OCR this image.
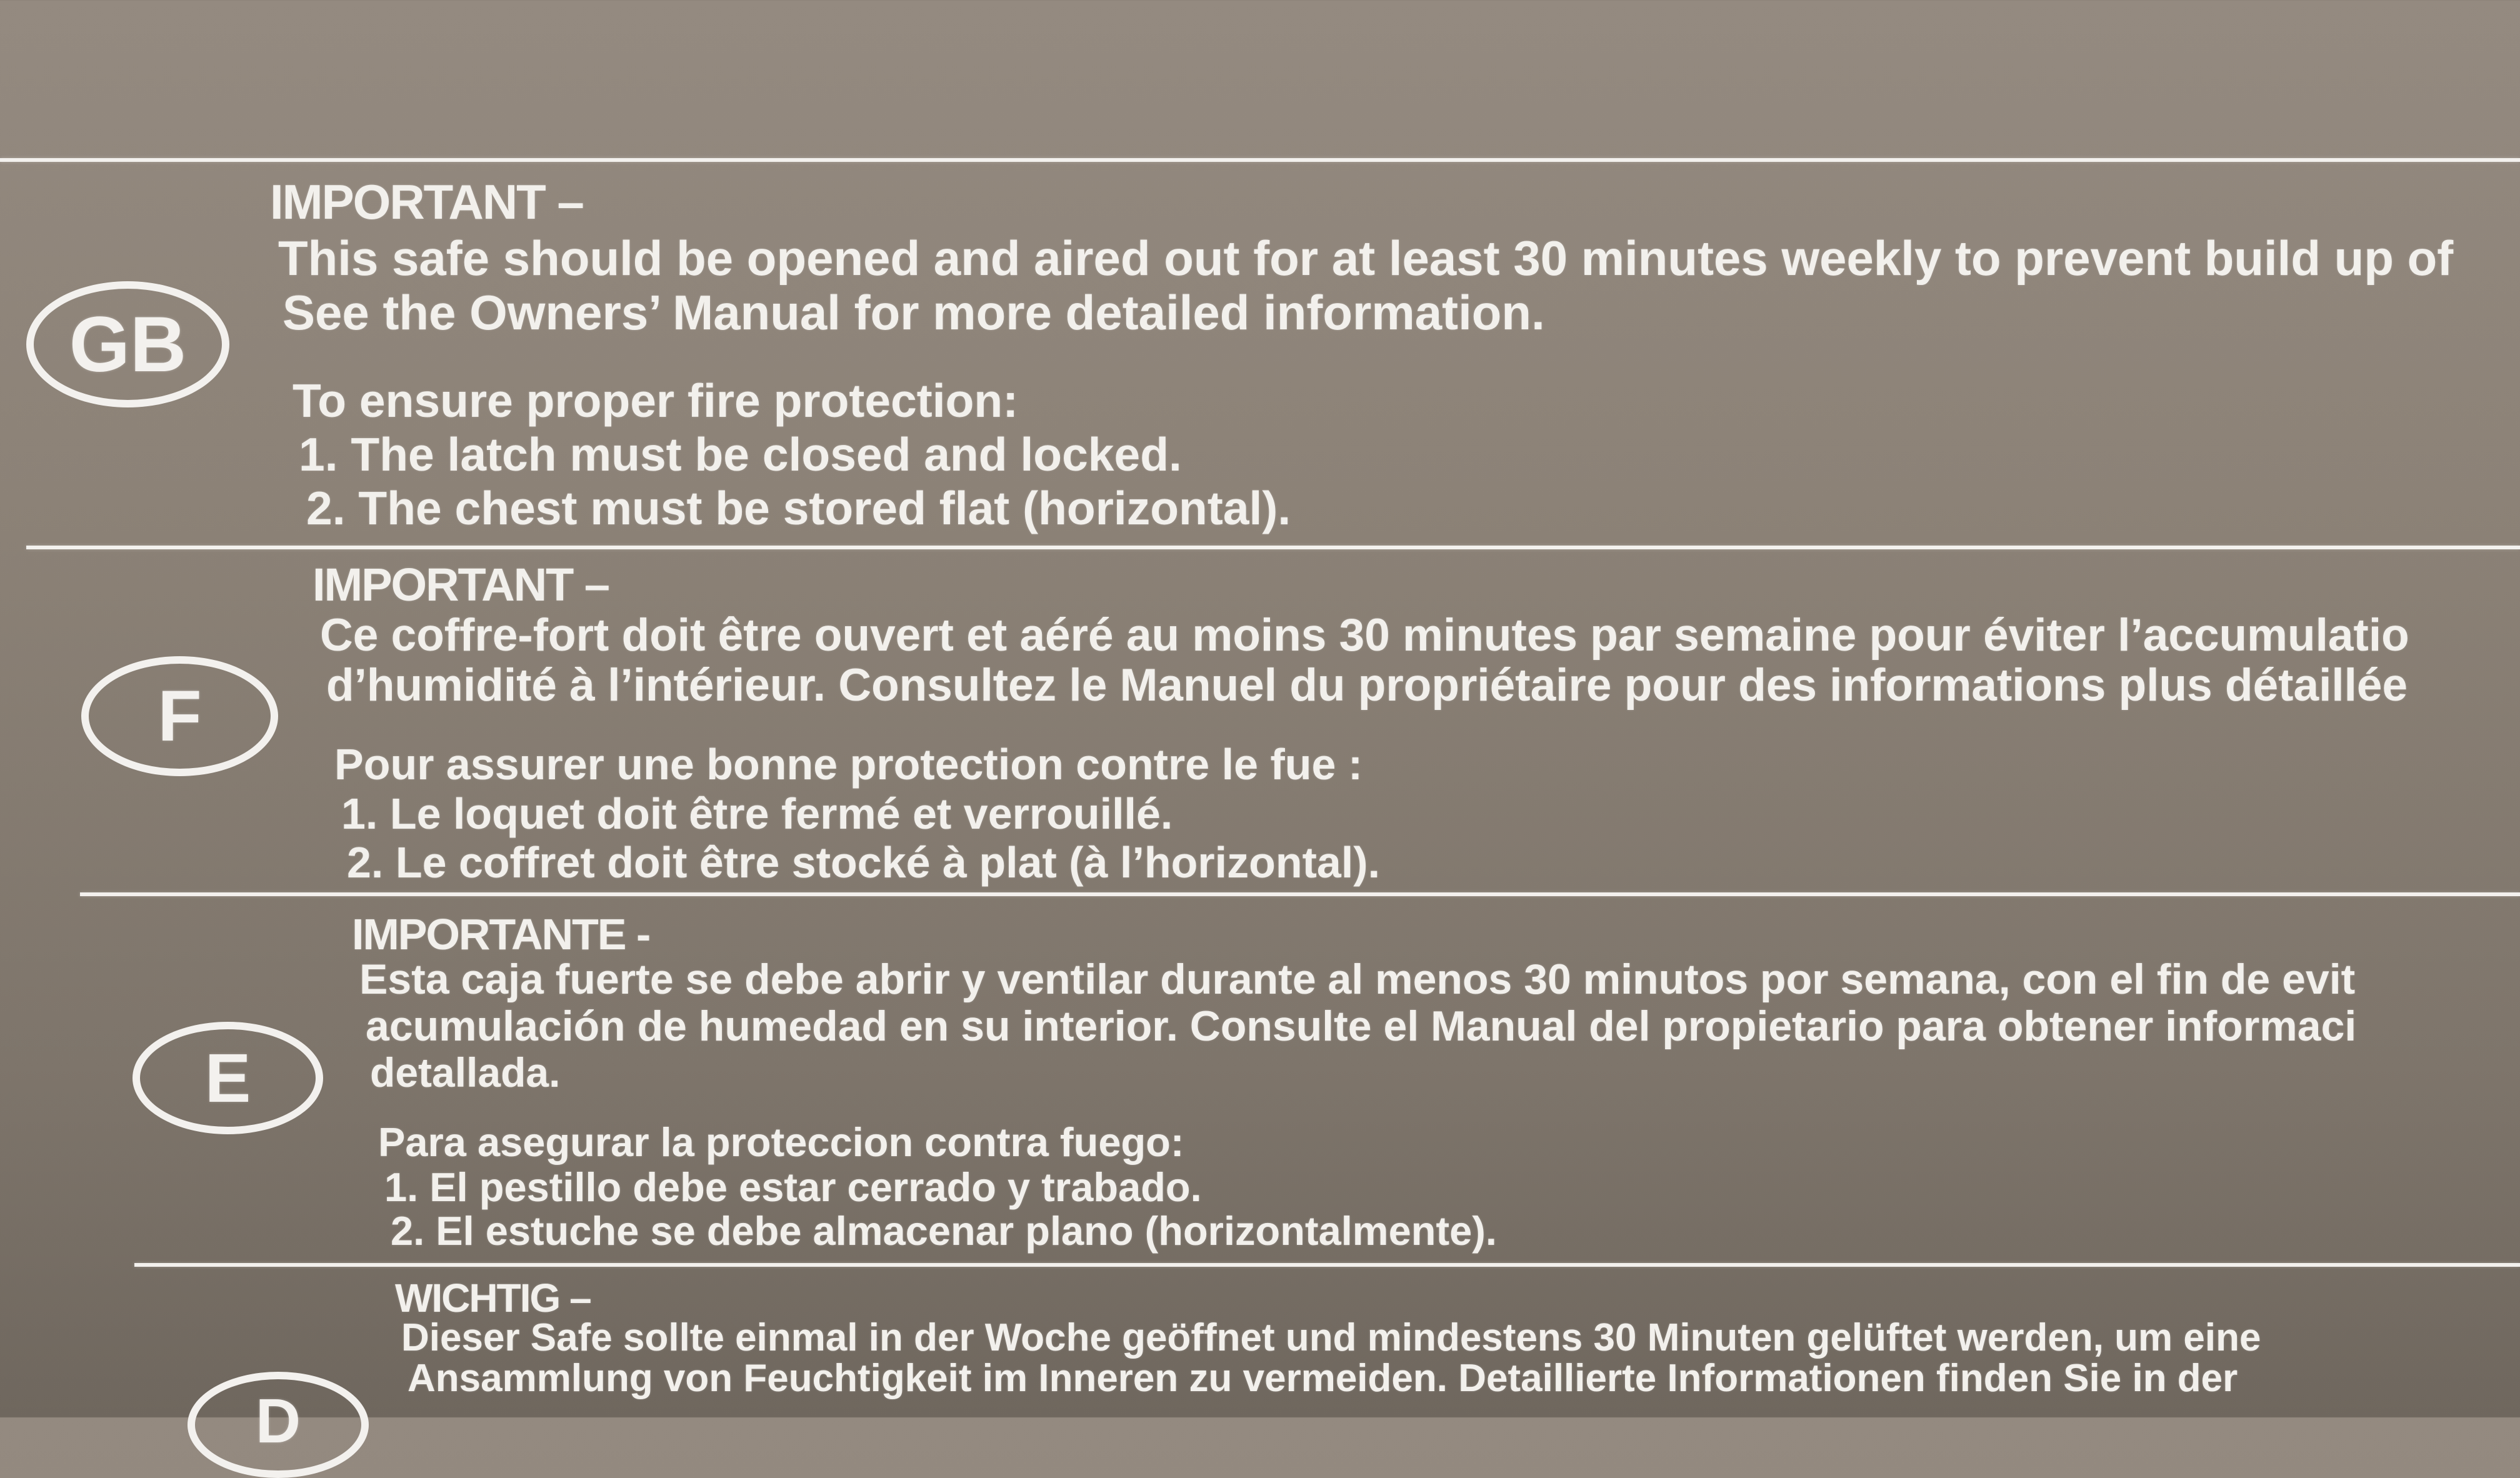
GB
IMPORTANT –
This safe should be opened and aired out for at least 30 minutes weekly to prevent build up of
See the Owners’ Manual for more detailed information.
To ensure proper fire protection:
1. The latch must be closed and locked.
2. The chest must be stored flat (horizontal).
F
IMPORTANT –
Ce coffre-fort doit être ouvert et aéré au moins 30 minutes par semaine pour éviter l’accumulatio
d’humidité à l’intérieur. Consultez le Manuel du propriétaire pour des informations plus détaillée
Pour assurer une bonne protection contre le fue :
1. Le loquet doit être fermé et verrouillé.
2. Le coffret doit être stocké à plat (à l’horizontal).
E
IMPORTANTE -
Esta caja fuerte se debe abrir y ventilar durante al menos 30 minutos por semana, con el fin de evit
acumulación de humedad en su interior. Consulte el Manual del propietario para obtener informaci
detallada.
Para asegurar la proteccion contra fuego:
1. El pestillo debe estar cerrado y trabado.
2. El estuche se debe almacenar plano (horizontalmente).
D
WICHTIG –
Dieser Safe sollte einmal in der Woche geöffnet und mindestens 30 Minuten gelüftet werden, um eine
Ansammlung von Feuchtigkeit im Inneren zu vermeiden. Detaillierte Informationen finden Sie in der
